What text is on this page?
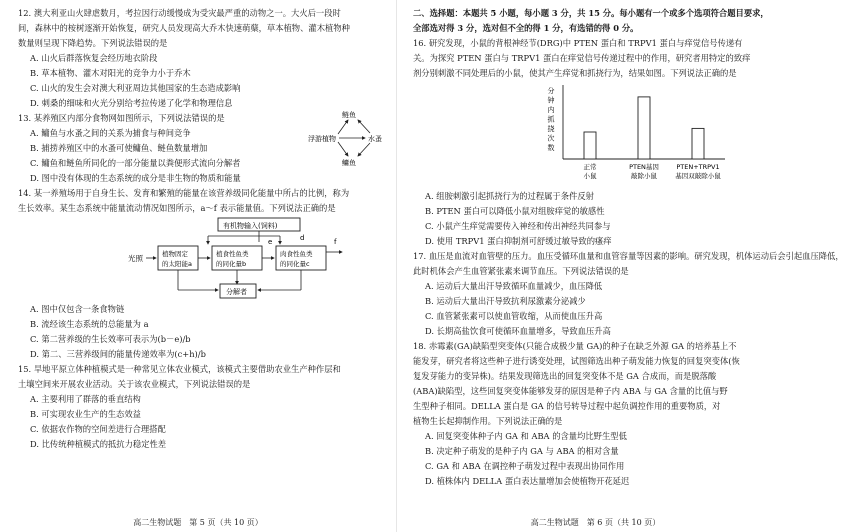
12. 澳大利亚山火肆虐数月，考拉因行动缓慢成为受灾最严重的动物之一。大火后一段时

间，森林中的桉树逐渐开始恢复，研究人员发现高大乔木快速萌蘖，草本植物、灌木植物种

数量则呈现下降趋势。下列说法错误的是

A. 山火后群落恢复会经历地衣阶段

B. 草本植物、灌木对阳光的竞争力小于乔木

C. 山火的发生会对澳大利亚周边其他国家的生态造成影响

D. 刺桑的细味和火光分别给考拉传递了化学和物理信息

13. 某养殖区内部分食物网如图所示，下列说法错误的是

A. 鳙鱼与水蚤之间的关系为捕食与种间竞争

B. 捕捞养殖区中的水蚤可使鳙鱼、鲢鱼数量增加

C. 鳙鱼和鲢鱼所同化的一部分能量以粪便形式流向分解者

D. 图中没有体现的生态系统的成分是非生物的物质和能量

浮游植物
鲢鱼
水蚤
鳙鱼

14. 某一养殖场用于自身生长、发育和繁殖的能量在该营养级同化能量中所占的比例，称为

生长效率。某生态系统中能量流动情况如图所示，a～f 表示能量值。下列说法正确的是

有机物输入(饲料)
光照	植物固定
的太阳能a
植食性鱼类
的同化量b
肉食性鱼类
的同化量c
e	d	f
分解者

A. 图中仅包含一条食物链

B. 流经该生态系统的总能量为 a

C. 第二营养级的生长效率可表示为(b－e)/b

D. 第二、三营养级间的能量传递效率为(c+h)/b

15. 旱地平原立体种植模式是一种常见立体农业模式，该模式主要借助农业生产种作层和

土壤空间来开展农业活动。关于该农业模式，下列说法错误的是

A. 主要利用了群落的垂直结构

B. 可实现农业生产的生态效益

C. 依据农作物的空间差进行合理搭配

D. 比传统种植模式的抵抗力稳定性差

高二生物试题　第 5 页（共 10 页）

二、选择题：本题共 5 小题，每小题 3 分，共 15 分。每小题有一个或多个选项符合题目要求，

全部选对得 3 分，选对但不全的得 1 分，有选错的得 0 分。

16. 研究发现，小鼠的背根神经节(DRG)中 PTEN 蛋白和 TRPV1 蛋白与痒觉信号传递有

关。为探究 PTEN 蛋白与 TRPV1 蛋白在痒觉信号传递过程中的作用，研究者用特定的致痒

剂分别刺激不同处理后的小鼠，使其产生痒觉和抓挠行为，结果如图。下列说法正确的是

分
钟
内
抓
挠
次
数
正常
小鼠
PTEN基因
敲除小鼠
PTEN+TRPV1
基因双敲除小鼠

A. 组胺刺激引起抓挠行为的过程属于条件反射

B. PTEN 蛋白可以降低小鼠对组胺痒觉的敏感性

C. 小鼠产生痒觉需要传入神经和传出神经共同参与

D. 使用 TRPV1 蛋白抑制剂可舒缓过敏导致的瘙痒

17. 血压是血流对血管壁的压力。血压受循环血量和血管容量等因素的影响。研究发现，机体运动后会引起血压降低，

此时机体会产生血管紧张素来调节血压。下列说法错误的是

A. 运动后大量出汗导致循环血量减少，血压降低

B. 运动后大量出汗导致抗利尿激素分泌减少

C. 血管紧张素可以使血管收缩，从而使血压升高

D. 长期高盐饮食可使循环血量增多，导致血压升高

18. 赤霉素(GA)缺陷型突变体(只能合成极少量 GA)的种子在缺乏外源 GA 的培养基上不

能发芽，研究者将这些种子进行诱变处理，试图筛选出种子萌发能力恢复的回复突变体(恢

复发芽能力的变异株)。结果发现筛选出的回复突变体不是 GA 合成而，而是脱落酸

(ABA)缺陷型，这些回复突变体能够发芽的原因是种子内 ABA 与 GA 含量的比值与野

生型种子相同。DELLA 蛋白是 GA 的信号转导过程中起负调控作用的重要物质，对

植物生长起抑制作用。下列说法正确的是

A. 回复突变体种子内 GA 和 ABA 的含量均比野生型低

B. 决定种子萌发的是种子内 GA 与 ABA 的相对含量

C. GA 和 ABA 在调控种子萌发过程中表现出协同作用

D. 植株体内 DELLA 蛋白表达量增加会使植物开花延迟

高二生物试题　第 6 页（共 10 页）
